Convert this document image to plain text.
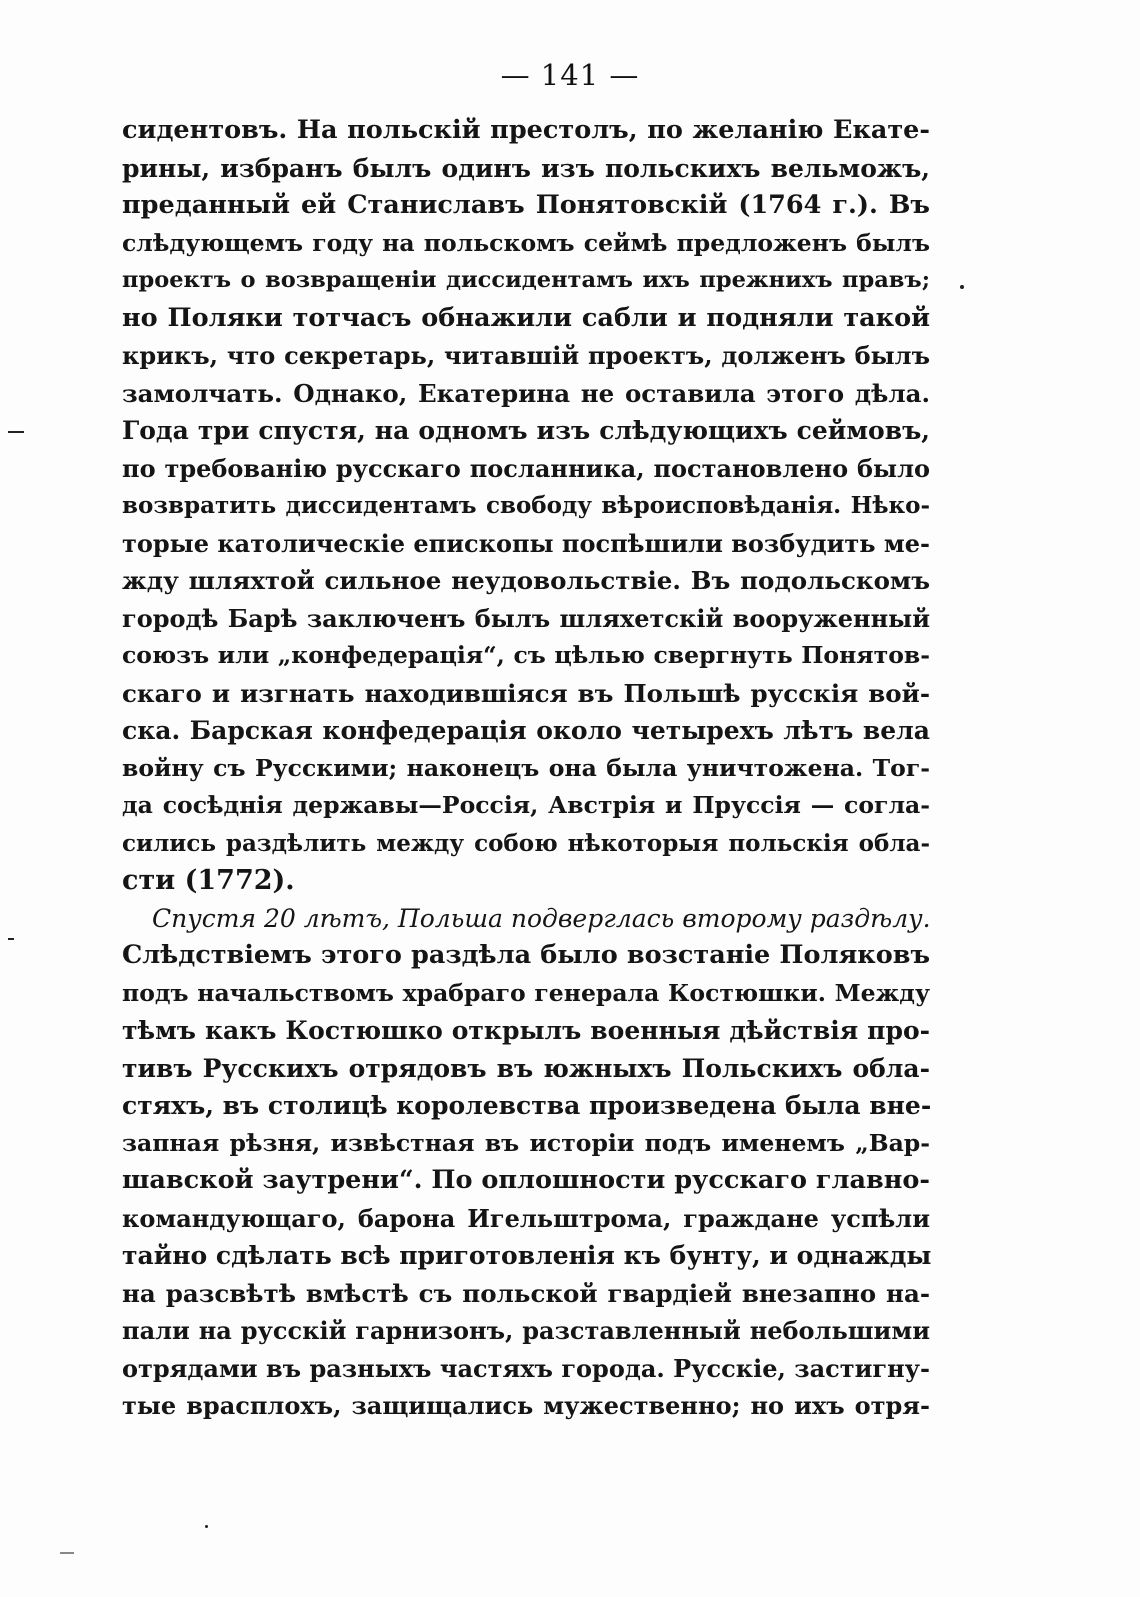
— 141 —
сидентовъ. На польскій престолъ, по желанію Екате-
рины, избранъ былъ одинъ изъ польскихъ вельможъ,
преданный ей Станиславъ Понятовскій (1764 г.). Въ
слѣдующемъ году на польскомъ сеймѣ предложенъ былъ
проектъ о возвращеніи диссидентамъ ихъ прежнихъ правъ;
но Поляки тотчасъ обнажили сабли и подняли такой
крикъ, что секретарь, читавшій проектъ, долженъ былъ
замолчать. Однако, Екатерина не оставила этого дѣла.
Года три спустя, на одномъ изъ слѣдующихъ сеймовъ,
по требованію русскаго посланника, постановлено было
возвратить диссидентамъ свободу вѣроисповѣданія. Нѣко-
торые католическіе епископы поспѣшили возбудить ме-
жду шляхтой сильное неудовольствіе. Въ подольскомъ
городѣ Барѣ заключенъ былъ шляхетскій вооруженный
союзъ или „конфедерація“, съ цѣлью свергнуть Понятов-
скаго и изгнать находившіяся въ Польшѣ русскія вой-
ска. Барская конфедерація около четырехъ лѣтъ вела
войну съ Русскими; наконецъ она была уничтожена. Тог-
да сосѣднія державы—Россія, Австрія и Пруссія — согла-
сились раздѣлить между собою нѣкоторыя польскія обла-
сти (1772).
Спустя 20 лѣтъ, Польша подверглась второму раздѣлу.
Слѣдствіемъ этого раздѣла было возстаніе Поляковъ
подъ начальствомъ храбраго генерала Костюшки. Между
тѣмъ какъ Костюшко открылъ военныя дѣйствія про-
тивъ Русскихъ отрядовъ въ южныхъ Польскихъ обла-
стяхъ, въ столицѣ королевства произведена была вне-
запная рѣзня, извѣстная въ исторіи подъ именемъ „Вар-
шавской заутрени“. По оплошности русскаго главно-
командующаго, барона Игельштрома, граждане успѣли
тайно сдѣлать всѣ приготовленія къ бунту, и однажды
на разсвѣтѣ вмѣстѣ съ польской гвардіей внезапно на-
пали на русскій гарнизонъ, разставленный небольшими
отрядами въ разныхъ частяхъ города. Русскіе, застигну-
тые врасплохъ, защищались мужественно; но ихъ отря-
